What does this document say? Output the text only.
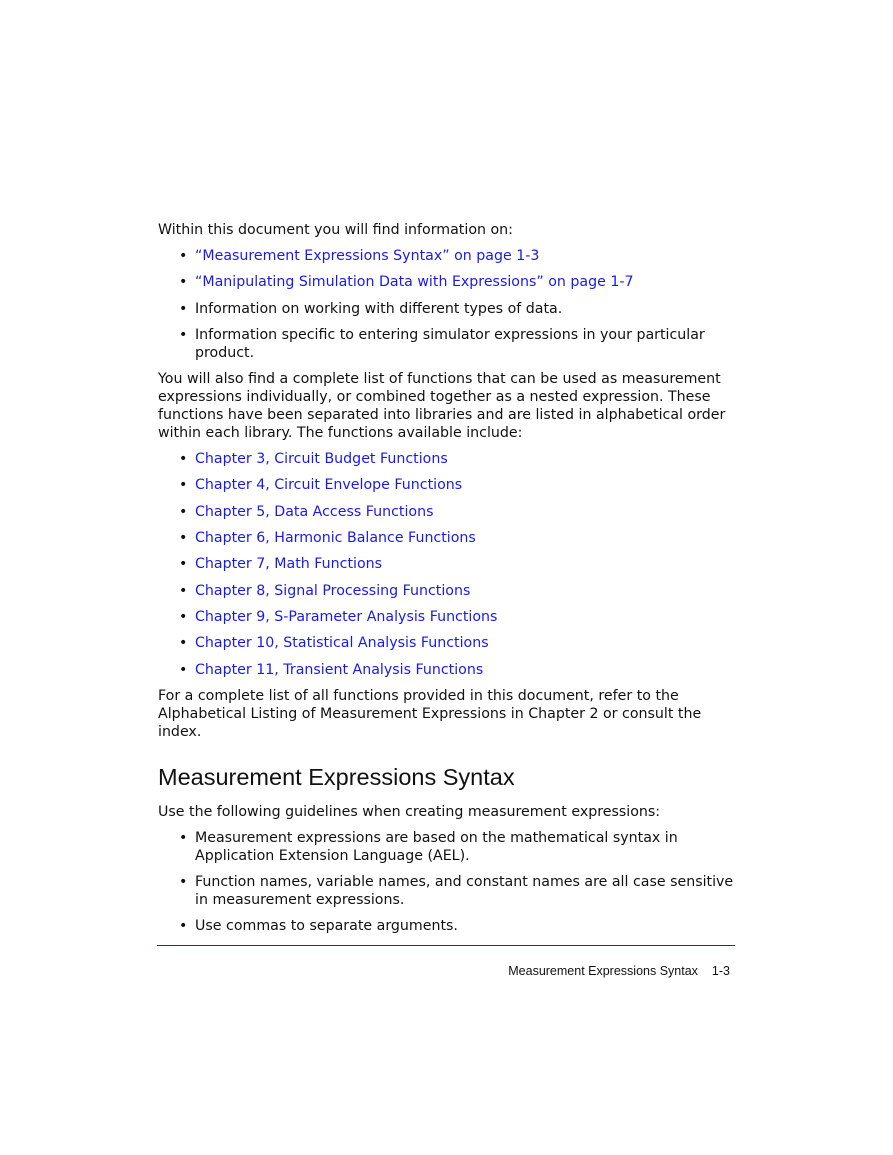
Within this document you will find information on:

• “Measurement Expressions Syntax” on page 1-3
• “Manipulating Simulation Data with Expressions” on page 1-7
• Information on working with different types of data.
• Information specific to entering simulator expressions in your particular product.

You will also find a complete list of functions that can be used as measurement expressions individually, or combined together as a nested expression. These functions have been separated into libraries and are listed in alphabetical order within each library. The functions available include:

• Chapter 3, Circuit Budget Functions
• Chapter 4, Circuit Envelope Functions
• Chapter 5, Data Access Functions
• Chapter 6, Harmonic Balance Functions
• Chapter 7, Math Functions
• Chapter 8, Signal Processing Functions
• Chapter 9, S-Parameter Analysis Functions
• Chapter 10, Statistical Analysis Functions
• Chapter 11, Transient Analysis Functions

For a complete list of all functions provided in this document, refer to the Alphabetical Listing of Measurement Expressions in Chapter 2 or consult the index.

Measurement Expressions Syntax

Use the following guidelines when creating measurement expressions:

• Measurement expressions are based on the mathematical syntax in Application Extension Language (AEL).
• Function names, variable names, and constant names are all case sensitive in measurement expressions.
• Use commas to separate arguments.
Measurement Expressions Syntax 1-3
